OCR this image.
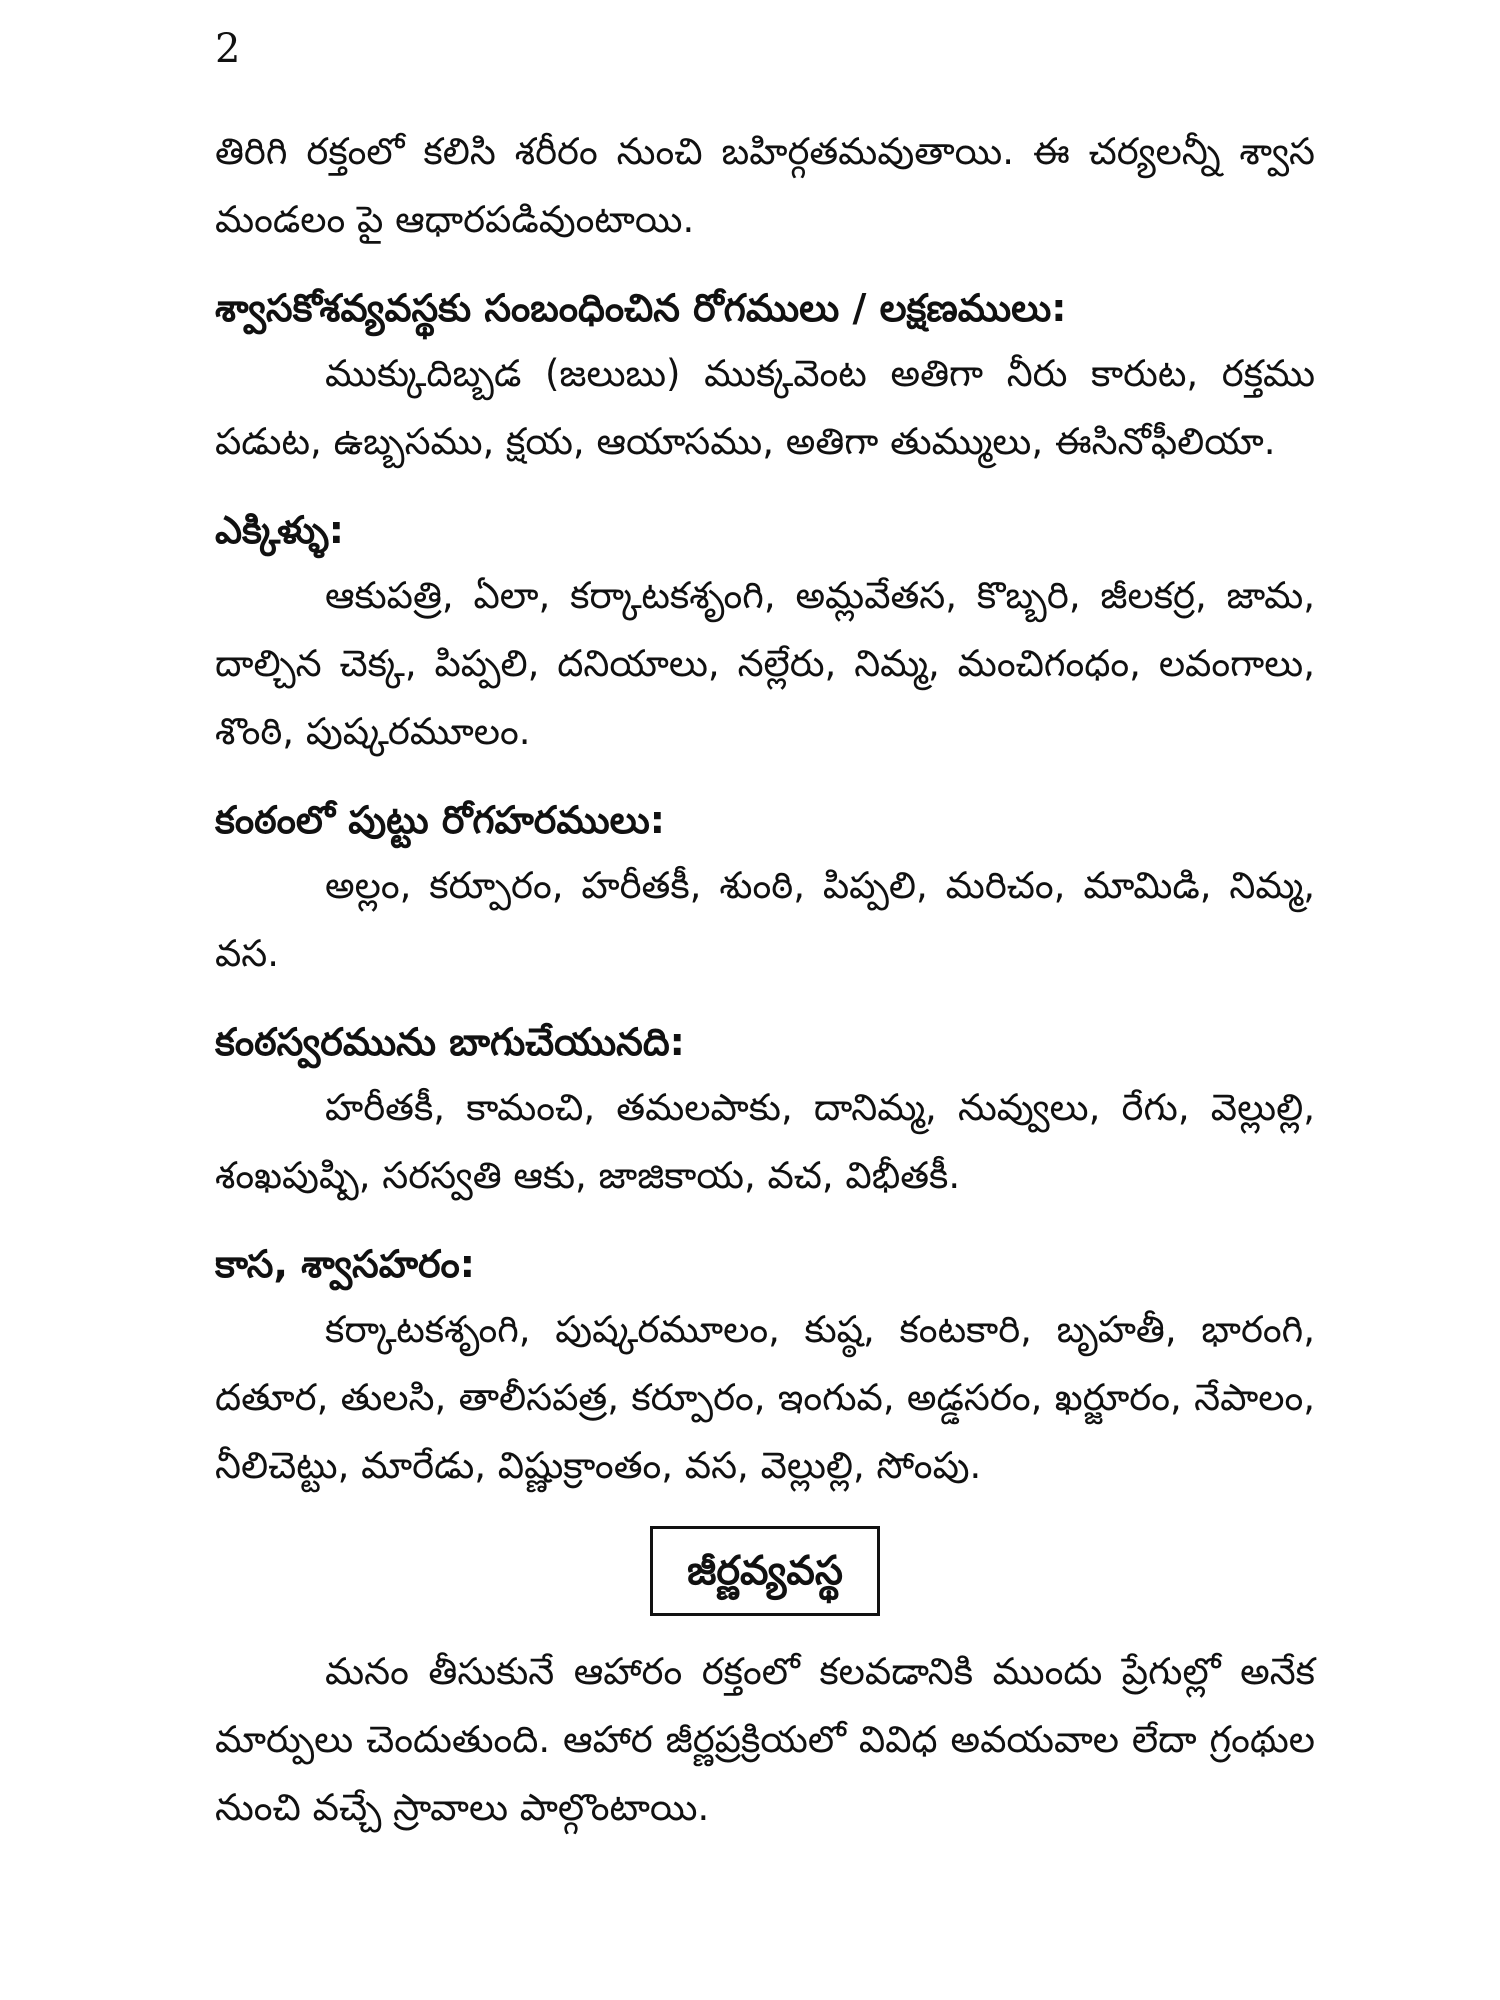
2

తిరిగి రక్తంలో కలిసి శరీరం నుంచి బహిర్గతమవుతాయి. ఈ చర్యలన్నీ శ్వాస మండలం పై ఆధారపడివుంటాయి.

శ్వాసకోశవ్యవస్థకు సంబంధించిన రోగములు / లక్షణములు:

ముక్కుదిబ్బడ (జలుబు) ముక్కవెంట అతిగా నీరు కారుట, రక్తము పడుట, ఉబ్బసము, క్షయ, ఆయాసము, అతిగా తుమ్ములు, ఈసినోఫీలియా.

ఎక్కిళ్ళు:

ఆకుపత్రి, ఏలా, కర్కాటకశృంగి, అమ్లవేతస, కొబ్బరి, జీలకర్ర, జామ, దాల్చిన చెక్క, పిప్పలి, దనియాలు, నల్లేరు, నిమ్మ, మంచిగంధం, లవంగాలు, శొంఠి, పుష్కరమూలం.

కంఠంలో పుట్టు రోగహరములు:

అల్లం, కర్పూరం, హరీతకీ, శుంఠి, పిప్పలి, మరిచం, మామిడి, నిమ్మ, వస.

కంఠస్వరమును బాగుచేయునది:

హరీతకీ, కామంచి, తమలపాకు, దానిమ్మ, నువ్వులు, రేగు, వెల్లుల్లి, శంఖపుష్పి, సరస్వతి ఆకు, జాజికాయ, వచ, విభీతకీ.

కాస, శ్వాసహరం:

కర్కాటకశృంగి, పుష్కరమూలం, కుష్ఠ, కంటకారి, బృహతీ, భారంగి, దతూర, తులసి, తాలీసపత్ర, కర్పూరం, ఇంగువ, అడ్డసరం, ఖర్జూరం, నేపాలం, నీలిచెట్టు, మారేడు, విష్ణుక్రాంతం, వస, వెల్లుల్లి, సోంపు.

జీర్ణవ్యవస్థ

మనం తీసుకునే ఆహారం రక్తంలో కలవడానికి ముందు ప్రేగుల్లో అనేక మార్పులు చెందుతుంది. ఆహార జీర్ణప్రక్రియలో వివిధ అవయవాల లేదా గ్రంథుల నుంచి వచ్చే స్రావాలు పాల్గొంటాయి.
